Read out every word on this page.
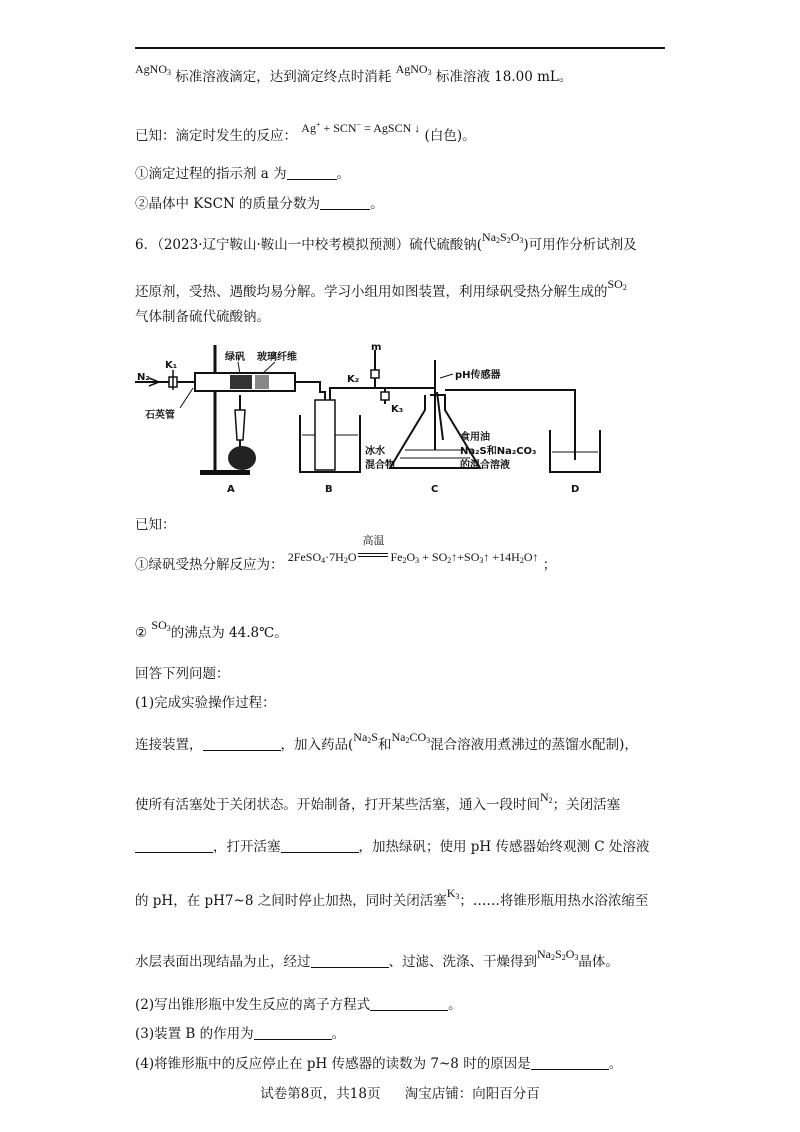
AgNO$_3$ 标准溶液滴定，达到滴定终点时消耗 AgNO$_3$ 标准溶液 18.00 mL。
已知：滴定时发生的反应： Ag+ + SCN− = AgSCN ↓ (白色)。
①滴定过程的指示剂 a 为	。
②晶体中 KSCN 的质量分数为	。
6．（2023·辽宁鞍山·鞍山一中校考模拟预测）硫代硫酸钠$(Na_2S_2O_3)$可用作分析试剂及
还原剂，受热、遇酸均易分解。学习小组用如图装置，利用绿矾受热分解生成的$SO_2$
气体制备硫代硫酸钠。
N₂
K₁
石英管
绿矾 玻璃纤维
A
冰水
混合物
B
m
K₂
K₃
pH传感器
食用油
Na₂S和Na₂CO₃
的混合溶液
C	D
已知：
①绿矾受热分解反应为： $2FeSO_4\cdot 7H_2O$
高温
$Fe_2O_3$ + $SO_2↑+SO_3↑$ $+14H_2O↑$ ；
② $SO_3$的沸点为 44.8℃。
回答下列问题：
(1)完成实验操作过程：
连接装置，	，加入药品($Na_2S$和$Na_2CO_3$混合溶液用煮沸过的蒸馏水配制)，
使所有活塞处于关闭状态。开始制备，打开某些活塞，通入一段时间$N_2$；关闭活塞
，打开活塞	，加热绿矾；使用 pH 传感器始终观测 C 处溶液
的 pH，在 pH7~8 之间时停止加热，同时关闭活塞$K_3$；……将锥形瓶用热水浴浓缩至
水层表面出现结晶为止，经过	、过滤、洗涤、干燥得到$Na_2S_2O_3$晶体。
(2)写出锥形瓶中发生反应的离子方程式	。
(3)装置 B 的作用为	。
(4)将锥形瓶中的反应停止在 pH 传感器的读数为 7~8 时的原因是	。
试卷第8页，共18页 淘宝店铺：向阳百分百
